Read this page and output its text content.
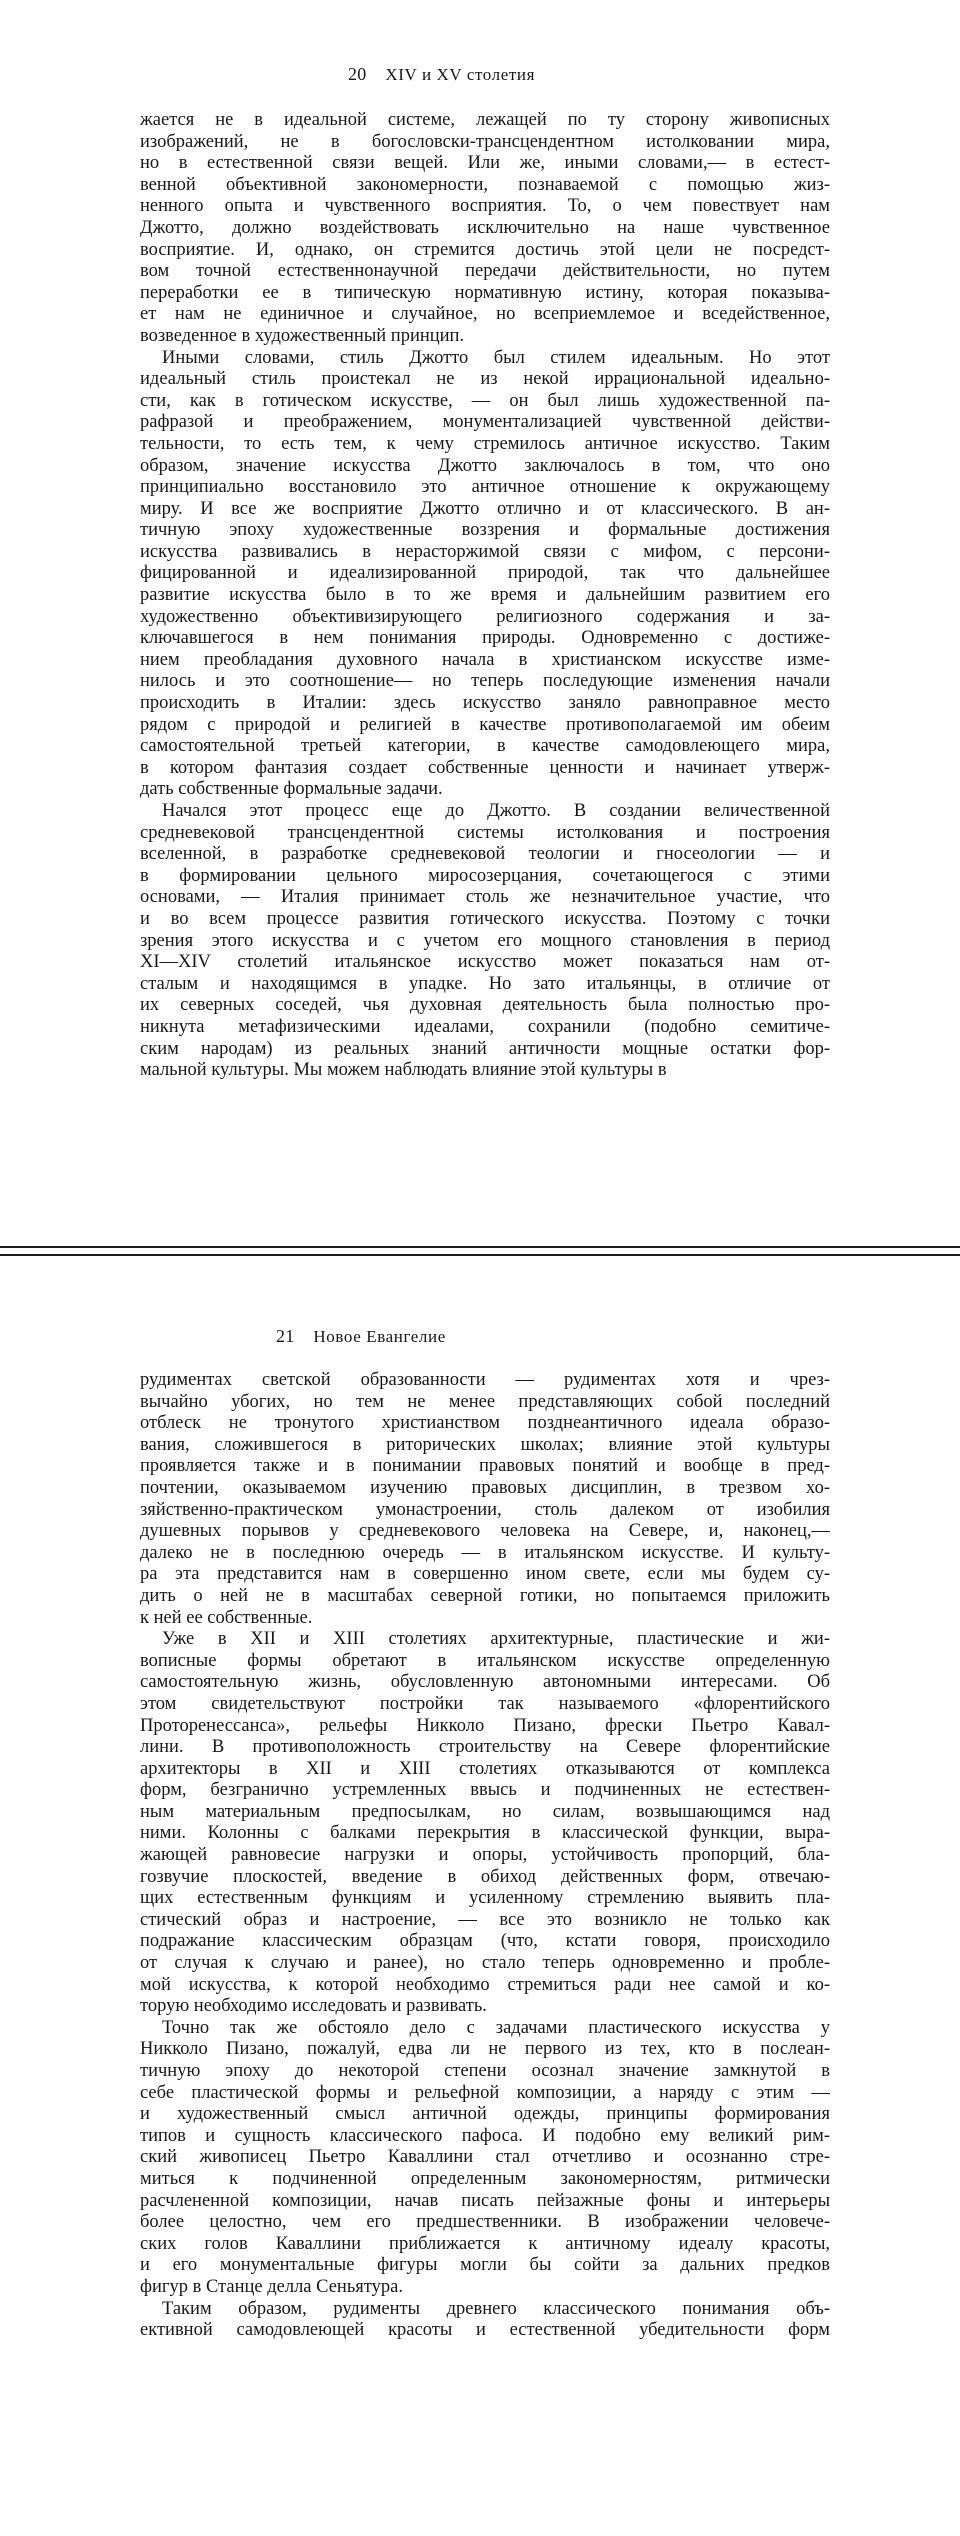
20 XIV и XV столетия
жается не в идеальной системе, лежащей по ту сторону живописных
изображений, не в богословски-трансцендентном истолковании мира,
но в естественной связи вещей. Или же, иными словами,— в естест-
венной объективной закономерности, познаваемой с помощью жиз-
ненного опыта и чувственного восприятия. То, о чем повествует нам
Джотто, должно воздействовать исключительно на наше чувственное
восприятие. И, однако, он стремится достичь этой цели не посредст-
вом точной естественнонаучной передачи действительности, но путем
переработки ее в типическую нормативную истину, которая показыва-
ет нам не единичное и случайное, но всеприемлемое и вседейственное,
возведенное в художественный принцип.
Иными словами, стиль Джотто был стилем идеальным. Но этот
идеальный стиль проистекал не из некой иррациональной идеально-
сти, как в готическом искусстве, — он был лишь художественной па-
рафразой и преображением, монументализацией чувственной действи-
тельности, то есть тем, к чему стремилось античное искусство. Таким
образом, значение искусства Джотто заключалось в том, что оно
принципиально восстановило это античное отношение к окружающему
миру. И все же восприятие Джотто отлично и от классического. В ан-
тичную эпоху художественные воззрения и формальные достижения
искусства развивались в нерасторжимой связи с мифом, с персони-
фицированной и идеализированной природой, так что дальнейшее
развитие искусства было в то же время и дальнейшим развитием его
художественно объективизирующего религиозного содержания и за-
ключавшегося в нем понимания природы. Одновременно с достиже-
нием преобладания духовного начала в христианском искусстве изме-
нилось и это соотношение— но теперь последующие изменения начали
происходить в Италии: здесь искусство заняло равноправное место
рядом с природой и религией в качестве противополагаемой им обеим
самостоятельной третьей категории, в качестве самодовлеющего мира,
в котором фантазия создает собственные ценности и начинает утверж-
дать собственные формальные задачи.
Начался этот процесс еще до Джотто. В создании величественной
средневековой трансцендентной системы истолкования и построения
вселенной, в разработке средневековой теологии и гносеологии — и
в формировании цельного миросозерцания, сочетающегося с этими
основами, — Италия принимает столь же незначительное участие, что
и во всем процессе развития готического искусства. Поэтому с точки
зрения этого искусства и с учетом его мощного становления в период
XI—XIV столетий итальянское искусство может показаться нам от-
сталым и находящимся в упадке. Но зато итальянцы, в отличие от
их северных соседей, чья духовная деятельность была полностью про-
никнута метафизическими идеалами, сохранили (подобно семитиче-
ским народам) из реальных знаний античности мощные остатки фор-
мальной культуры. Мы можем наблюдать влияние этой культуры в
21 Новое Евангелие
рудиментах светской образованности — рудиментах хотя и чрез-
вычайно убогих, но тем не менее представляющих собой последний
отблеск не тронутого христианством позднеантичного идеала образо-
вания, сложившегося в риторических школах; влияние этой культуры
проявляется также и в понимании правовых понятий и вообще в пред-
почтении, оказываемом изучению правовых дисциплин, в трезвом хо-
зяйственно-практическом умонастроении, столь далеком от изобилия
душевных порывов у средневекового человека на Севере, и, наконец,—
далеко не в последнюю очередь — в итальянском искусстве. И культу-
ра эта представится нам в совершенно ином свете, если мы будем су-
дить о ней не в масштабах северной готики, но попытаемся приложить
к ней ее собственные.
Уже в XII и XIII столетиях архитектурные, пластические и жи-
вописные формы обретают в итальянском искусстве определенную
самостоятельную жизнь, обусловленную автономными интересами. Об
этом свидетельствуют постройки так называемого «флорентийского
Проторенессанса», рельефы Никколо Пизано, фрески Пьетро Кавал-
лини. В противоположность строительству на Севере флорентийские
архитекторы в XII и XIII столетиях отказываются от комплекса
форм, безгранично устремленных ввысь и подчиненных не естествен-
ным материальным предпосылкам, но силам, возвышающимся над
ними. Колонны с балками перекрытия в классической функции, выра-
жающей равновесие нагрузки и опоры, устойчивость пропорций, бла-
гозвучие плоскостей, введение в обиход действенных форм, отвечаю-
щих естественным функциям и усиленному стремлению выявить пла-
стический образ и настроение, — все это возникло не только как
подражание классическим образцам (что, кстати говоря, происходило
от случая к случаю и ранее), но стало теперь одновременно и пробле-
мой искусства, к которой необходимо стремиться ради нее самой и ко-
торую необходимо исследовать и развивать.
Точно так же обстояло дело с задачами пластического искусства у
Никколо Пизано, пожалуй, едва ли не первого из тех, кто в послеан-
тичную эпоху до некоторой степени осознал значение замкнутой в
себе пластической формы и рельефной композиции, а наряду с этим —
и художественный смысл античной одежды, принципы формирования
типов и сущность классического пафоса. И подобно ему великий рим-
ский живописец Пьетро Каваллини стал отчетливо и осознанно стре-
миться к подчиненной определенным закономерностям, ритмически
расчлененной композиции, начав писать пейзажные фоны и интерьеры
более целостно, чем его предшественники. В изображении человече-
ских голов Каваллини приближается к античному идеалу красоты,
и его монументальные фигуры могли бы сойти за дальних предков
фигур в Станце делла Сеньятура.
Таким образом, рудименты древнего классического понимания объ-
ективной самодовлеющей красоты и естественной убедительности форм
